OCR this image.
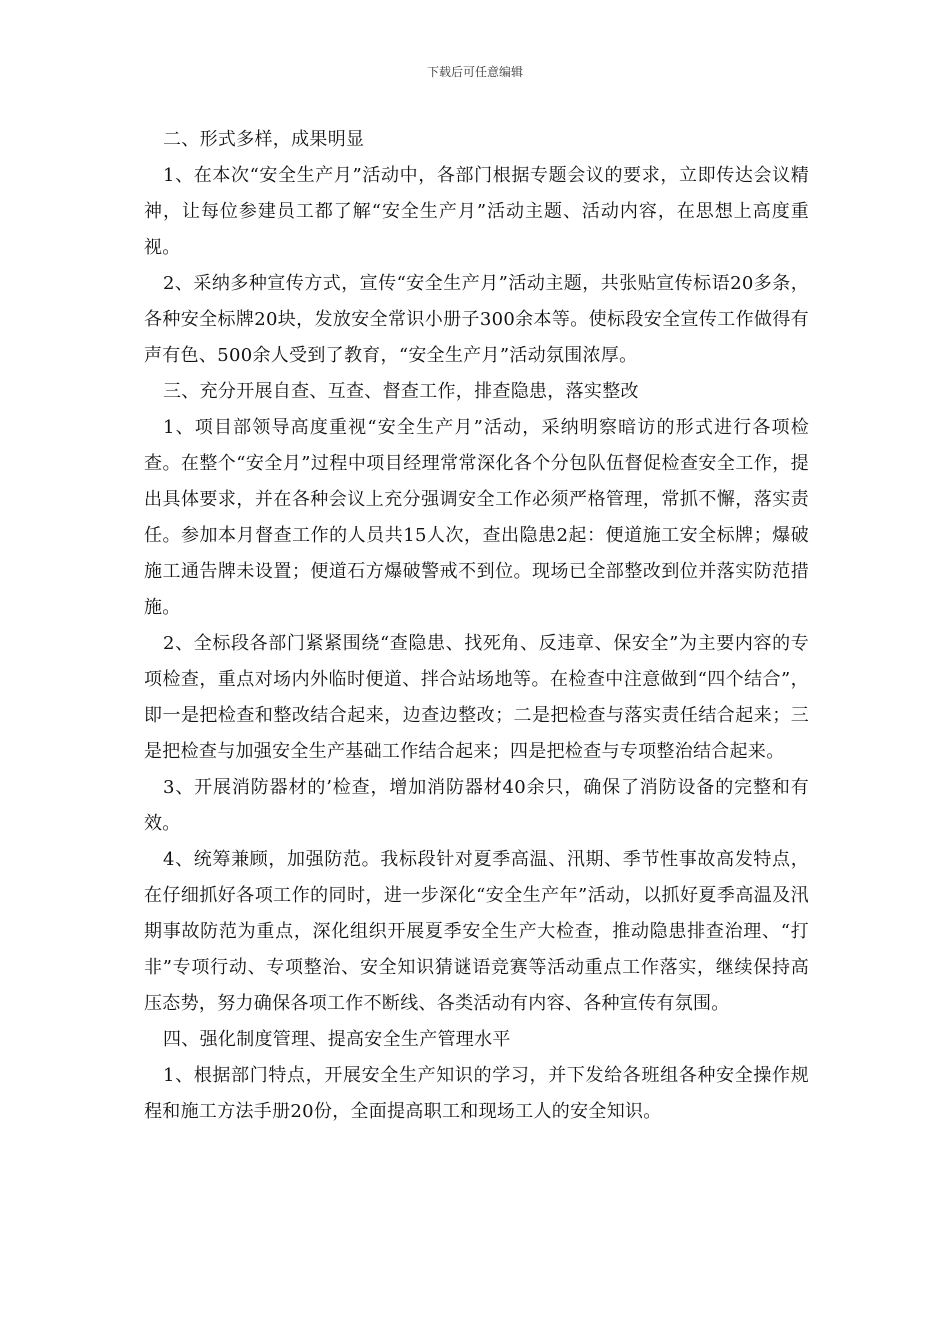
下载后可任意编辑

二、形式多样，成果明显

1、在本次“安全生产月”活动中，各部门根据专题会议的要求，立即传达会议精神，让每位参建员工都了解“安全生产月”活动主题、活动内容，在思想上高度重视。

2、采纳多种宣传方式，宣传“安全生产月”活动主题，共张贴宣传标语20多条，各种安全标牌20块，发放安全常识小册子300余本等。使标段安全宣传工作做得有声有色、500余人受到了教育，“安全生产月”活动氛围浓厚。

三、充分开展自查、互查、督查工作，排查隐患，落实整改

1、项目部领导高度重视“安全生产月”活动，采纳明察暗访的形式进行各项检查。在整个“安全月”过程中项目经理常常深化各个分包队伍督促检查安全工作，提出具体要求，并在各种会议上充分强调安全工作必须严格管理，常抓不懈，落实责任。参加本月督查工作的人员共15人次，查出隐患2起：便道施工安全标牌；爆破施工通告牌未设置；便道石方爆破警戒不到位。现场已全部整改到位并落实防范措施。

2、全标段各部门紧紧围绕“查隐患、找死角、反违章、保安全”为主要内容的专项检查，重点对场内外临时便道、拌合站场地等。在检查中注意做到“四个结合”，即一是把检查和整改结合起来，边查边整改；二是把检查与落实责任结合起来；三是把检查与加强安全生产基础工作结合起来；四是把检查与专项整治结合起来。

3、开展消防器材的’检查，增加消防器材40余只，确保了消防设备的完整和有效。

4、统筹兼顾，加强防范。我标段针对夏季高温、汛期、季节性事故高发特点，在仔细抓好各项工作的同时，进一步深化“安全生产年”活动，以抓好夏季高温及汛期事故防范为重点，深化组织开展夏季安全生产大检查，推动隐患排查治理、“打非”专项行动、专项整治、安全知识猜谜语竞赛等活动重点工作落实，继续保持高压态势，努力确保各项工作不断线、各类活动有内容、各种宣传有氛围。

四、强化制度管理、提高安全生产管理水平

1、根据部门特点，开展安全生产知识的学习，并下发给各班组各种安全操作规程和施工方法手册20份，全面提高职工和现场工人的安全知识。
